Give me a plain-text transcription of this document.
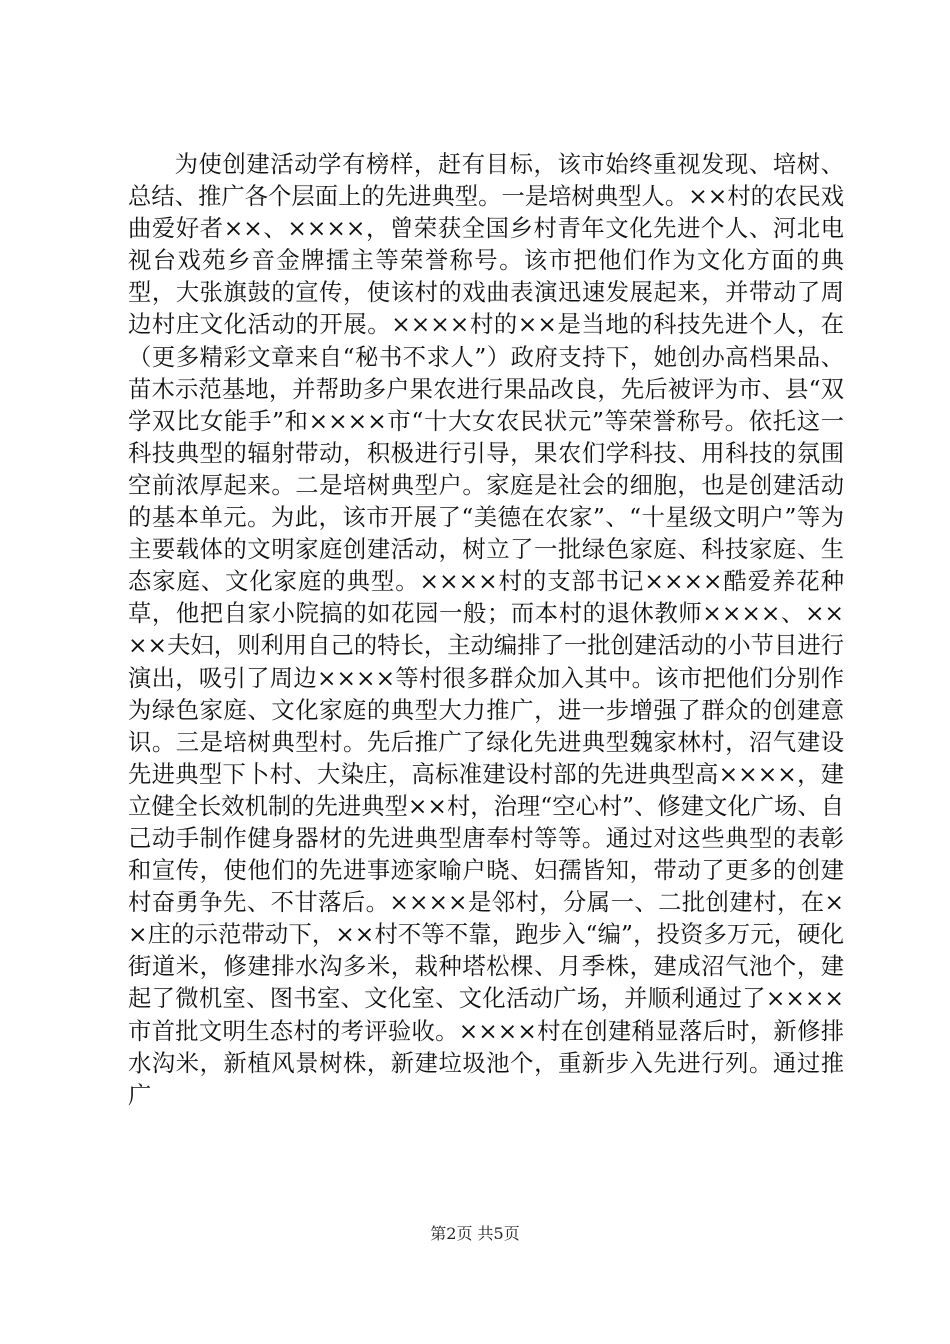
为使创建活动学有榜样，赶有目标，该市始终重视发现、培树、总结、推广各个层面上的先进典型。一是培树典型人。××村的农民戏曲爱好者××、××××，曾荣获全国乡村青年文化先进个人、河北电视台戏苑乡音金牌擂主等荣誉称号。该市把他们作为文化方面的典型，大张旗鼓的宣传，使该村的戏曲表演迅速发展起来，并带动了周边村庄文化活动的开展。××××村的××是当地的科技先进个人，在（更多精彩文章来自“秘书不求人”）政府支持下，她创办高档果品、苗木示范基地，并帮助多户果农进行果品改良，先后被评为市、县“双学双比女能手”和××××市“十大女农民状元”等荣誉称号。依托这一科技典型的辐射带动，积极进行引导，果农们学科技、用科技的氛围空前浓厚起来。二是培树典型户。家庭是社会的细胞，也是创建活动的基本单元。为此，该市开展了“美德在农家”、“十星级文明户”等为主要载体的文明家庭创建活动，树立了一批绿色家庭、科技家庭、生态家庭、文化家庭的典型。××××村的支部书记××××酷爱养花种草，他把自家小院搞的如花园一般；而本村的退休教师××××、××××夫妇，则利用自己的特长，主动编排了一批创建活动的小节目进行演出，吸引了周边××××等村很多群众加入其中。该市把他们分别作为绿色家庭、文化家庭的典型大力推广，进一步增强了群众的创建意识。三是培树典型村。先后推广了绿化先进典型魏家林村，沼气建设先进典型下卜村、大染庄，高标准建设村部的先进典型高××××，建立健全长效机制的先进典型××村，治理“空心村”、修建文化广场、自己动手制作健身器材的先进典型唐奉村等等。通过对这些典型的表彰和宣传，使他们的先进事迹家喻户晓、妇孺皆知，带动了更多的创建村奋勇争先、不甘落后。××××是邻村，分属一、二批创建村，在××庄的示范带动下，××村不等不靠，跑步入“编”，投资多万元，硬化街道米，修建排水沟多米，栽种塔松棵、月季株，建成沼气池个，建起了微机室、图书室、文化室、文化活动广场，并顺利通过了××××市首批文明生态村的考评验收。××××村在创建稍显落后时，新修排水沟米，新植风景树株，新建垃圾池个，重新步入先进行列。通过推广

第2页 共5页
